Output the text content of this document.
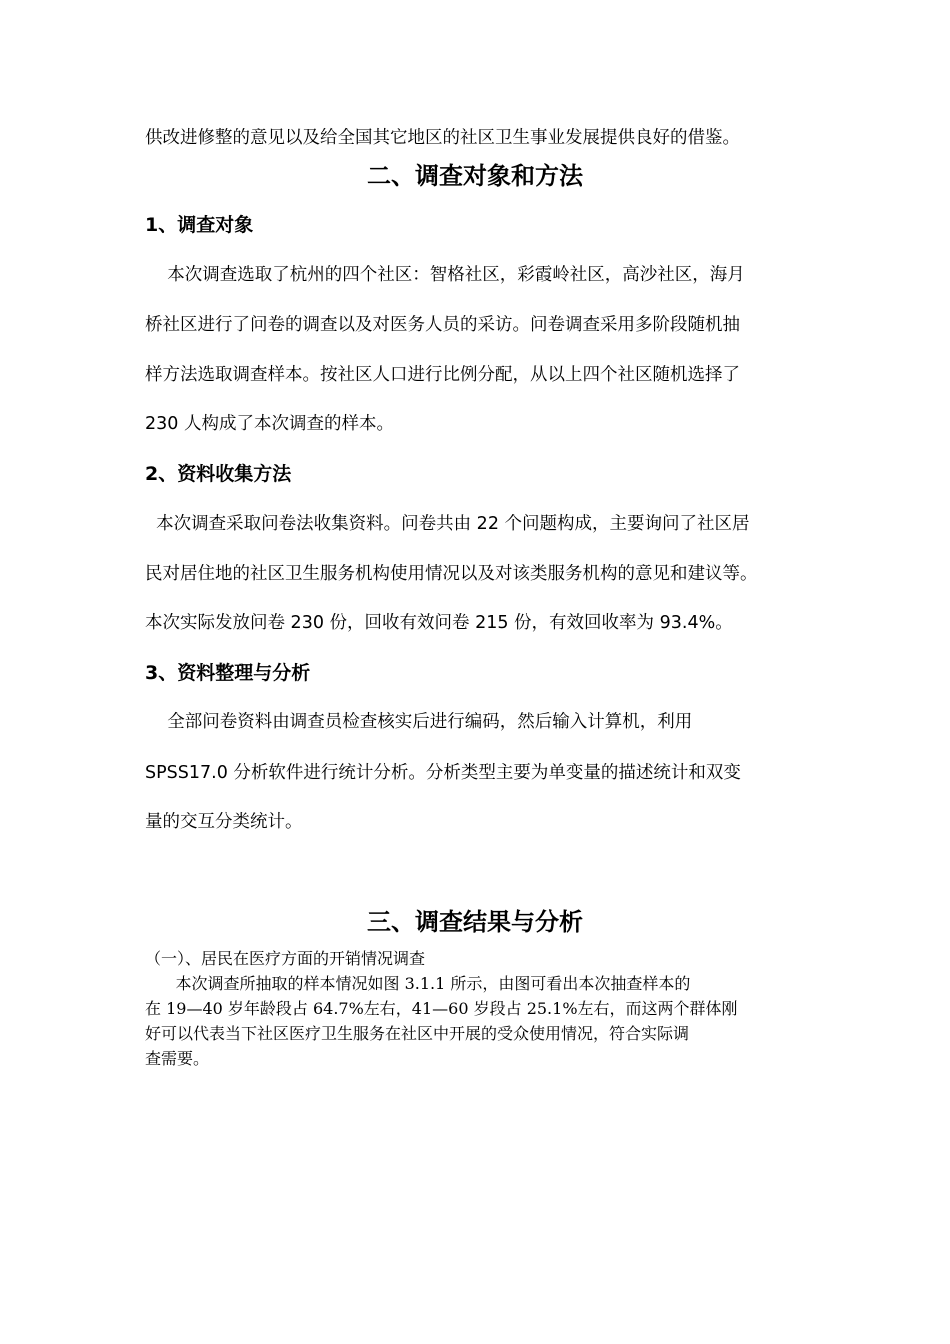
供改进修整的意见以及给全国其它地区的社区卫生事业发展提供良好的借鉴。
二、调查对象和方法
1、调查对象
本次调查选取了杭州的四个社区：智格社区，彩霞岭社区，高沙社区，海月
桥社区进行了问卷的调查以及对医务人员的采访。问卷调查采用多阶段随机抽
样方法选取调查样本。按社区人口进行比例分配，从以上四个社区随机选择了
230 人构成了本次调查的样本。
2、资料收集方法
本次调查采取问卷法收集资料。问卷共由 22 个问题构成，主要询问了社区居
民对居住地的社区卫生服务机构使用情况以及对该类服务机构的意见和建议等。
本次实际发放问卷 230 份，回收有效问卷 215 份，有效回收率为 93.4%。
3、资料整理与分析
全部问卷资料由调查员检查核实后进行编码，然后输入计算机，利用
SPSS17.0 分析软件进行统计分析。分析类型主要为单变量的描述统计和双变
量的交互分类统计。
三、调查结果与分析
（一）、居民在医疗方面的开销情况调查
本次调查所抽取的样本情况如图 3.1.1 所示，由图可看出本次抽查样本的
在 19—40 岁年龄段占 64.7%左右，41—60 岁段占 25.1%左右，而这两个群体刚
好可以代表当下社区医疗卫生服务在社区中开展的受众使用情况，符合实际调
查需要。
